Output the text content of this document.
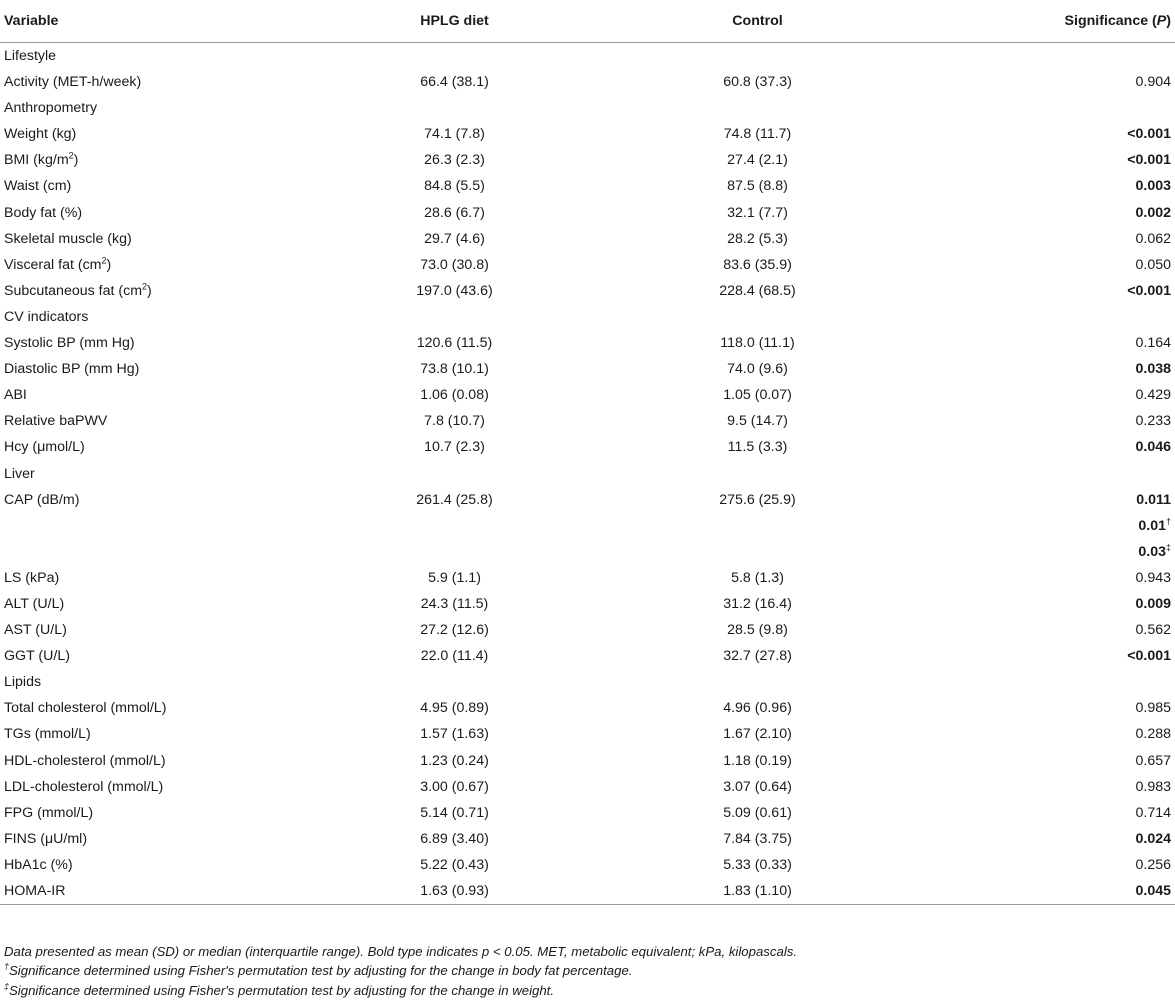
Variable	HPLG diet	Control	Significance (P)
Lifestyle			
Activity (MET-h/week)	66.4 (38.1)	60.8 (37.3)	0.904
Anthropometry			
Weight (kg)	74.1 (7.8)	74.8 (11.7)	<0.001
BMI $(kg/m^2)$	26.3 (2.3)	27.4 (2.1)	<0.001
Waist (cm)	84.8 (5.5)	87.5 (8.8)	0.003
Body fat (%)	28.6 (6.7)	32.1 (7.7)	0.002
Skeletal muscle (kg)	29.7 (4.6)	28.2 (5.3)	0.062
Visceral fat $(cm^2)$	73.0 (30.8)	83.6 (35.9)	0.050
Subcutaneous fat $(cm^2)$	197.0 (43.6)	228.4 (68.5)	<0.001
CV indicators			
Systolic BP (mm Hg)	120.6 (11.5)	118.0 (11.1)	0.164
Diastolic BP (mm Hg)	73.8 (10.1)	74.0 (9.6)	0.038
ABI	1.06 (0.08)	1.05 (0.07)	0.429
Relative baPWV	7.8 (10.7)	9.5 (14.7)	0.233
Hcy (μmol/L)	10.7 (2.3)	11.5 (3.3)	0.046
Liver			
CAP (dB/m)	261.4 (25.8)	275.6 (25.9)	0.011
			0.01†
			0.03‡
LS (kPa)	5.9 (1.1)	5.8 (1.3)	0.943
ALT (U/L)	24.3 (11.5)	31.2 (16.4)	0.009
AST (U/L)	27.2 (12.6)	28.5 (9.8)	0.562
GGT (U/L)	22.0 (11.4)	32.7 (27.8)	<0.001
Lipids			
Total cholesterol (mmol/L)	4.95 (0.89)	4.96 (0.96)	0.985
TGs (mmol/L)	1.57 (1.63)	1.67 (2.10)	0.288
HDL-cholesterol (mmol/L)	1.23 (0.24)	1.18 (0.19)	0.657
LDL-cholesterol (mmol/L)	3.00 (0.67)	3.07 (0.64)	0.983
FPG (mmol/L)	5.14 (0.71)	5.09 (0.61)	0.714
FINS (μU/ml)	6.89 (3.40)	7.84 (3.75)	0.024
HbA1c (%)	5.22 (0.43)	5.33 (0.33)	0.256
HOMA-IR	1.63 (0.93)	1.83 (1.10)	0.045
Data presented as mean (SD) or median (interquartile range). Bold type indicates p < 0.05. MET, metabolic equivalent; kPa, kilopascals.
†Significance determined using Fisher's permutation test by adjusting for the change in body fat percentage.
‡Significance determined using Fisher's permutation test by adjusting for the change in weight.
